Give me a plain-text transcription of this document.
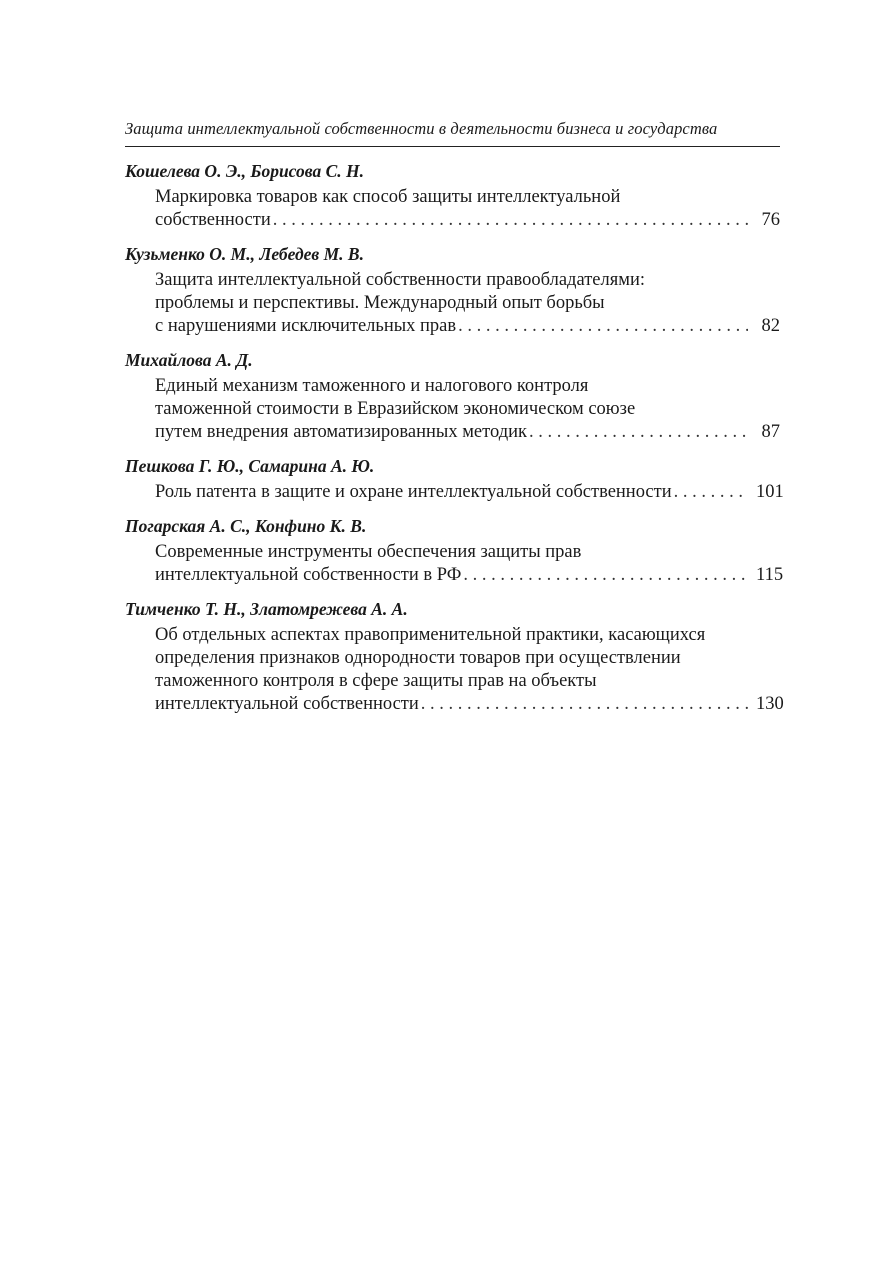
Защита интеллектуальной собственности в деятельности бизнеса и государства
Кошелева О. Э., Борисова С. Н.
Маркировка товаров как способ защиты интеллектуальной
собственности . . .	76
Кузьменко О. М., Лебедев М. В.
Защита интеллектуальной собственности правообладателями:
проблемы и перспективы. Международный опыт борьбы
с нарушениями исключительных прав . . .	82
Михайлова А. Д.
Единый механизм таможенного и налогового контроля
таможенной стоимости в Евразийском экономическом союзе
путем внедрения автоматизированных методик . . .	87
Пешкова Г. Ю., Самарина А. Ю.
Роль патента в защите и охране интеллектуальной собственности . . .	101
Погарская А. С., Конфино К. В.
Современные инструменты обеспечения защиты прав
интеллектуальной собственности в РФ . . .	115
Тимченко Т. Н., Златомрежева А. А.
Об отдельных аспектах правоприменительной практики, касающихся
определения признаков однородности товаров при осуществлении
таможенного контроля в сфере защиты прав на объекты
интеллектуальной собственности . . .	130
